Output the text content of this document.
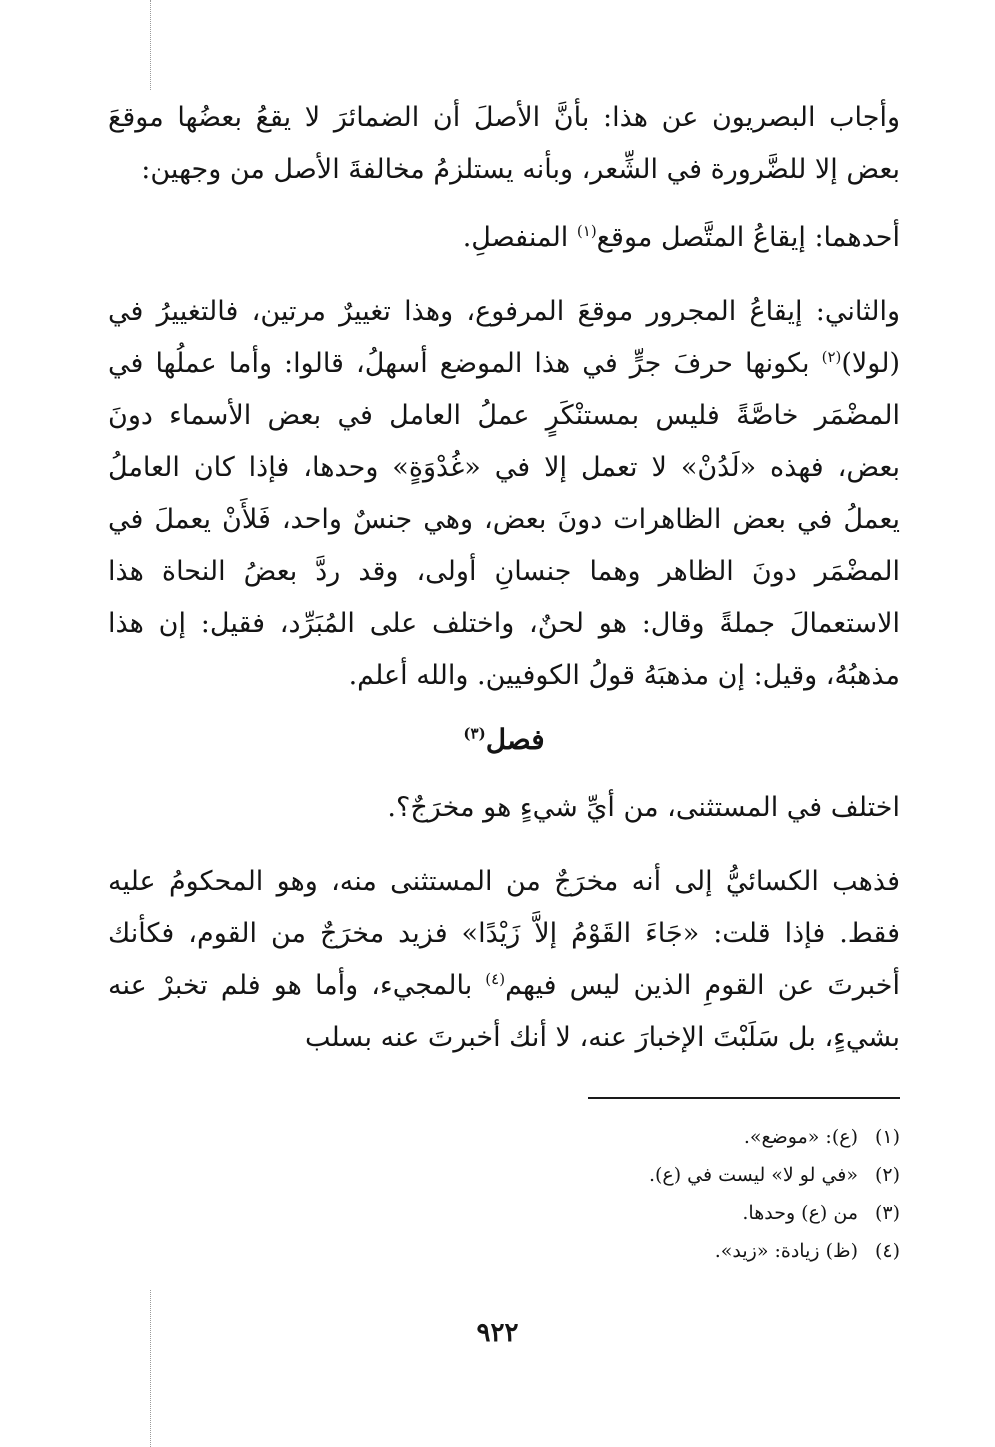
وأجاب البصريون عن هذا: بأنَّ الأصلَ أن الضمائرَ لا يقعُ بعضُها موقعَ بعض إلا للضَّرورة في الشِّعر، وبأنه يستلزمُ مخالفةَ الأصل من وجهين:

أحدهما: إيقاعُ المتَّصل موقع$^{(١)}$ المنفصلِ.

والثاني: إيقاعُ المجرور موقعَ المرفوع، وهذا تغييرٌ مرتين، فالتغييرُ في (لولا)$^{(٢)}$ بكونها حرفَ جرٍّ في هذا الموضع أسهلُ، قالوا: وأما عملُها في المضْمَر خاصَّةً فليس بمستنْكَرٍ عملُ العامل في بعض الأسماء دونَ بعض، فهذه «لَدُنْ» لا تعمل إلا في «غُدْوَةٍ» وحدها، فإذا كان العاملُ يعملُ في بعض الظاهرات دونَ بعض، وهي جنسٌ واحد، فَلأَنْ يعملَ في المضْمَر دونَ الظاهر وهما جنسانِ أولى، وقد ردَّ بعضُ النحاة هذا الاستعمالَ جملةً وقال: هو لحنٌ، واختلف على المُبَرِّد، فقيل: إن هذا مذهبُهُ، وقيل: إن مذهبَهُ قولُ الكوفيين. والله أعلم.

فصل$^{(٣)}$

اختلف في المستثنى، من أيِّ شيءٍ هو مخرَجٌ؟.

فذهب الكسائيُّ إلى أنه مخرَجٌ من المستثنى منه، وهو المحكومُ عليه فقط. فإذا قلت: «جَاءَ القَوْمُ إلاَّ زَيْدًا» فزيد مخرَجٌ من القوم، فكأنك أخبرتَ عن القومِ الذين ليس فيهم$^{(٤)}$ بالمجيء، وأما هو فلم تخبرْ عنه بشيءٍ، بل سَلَبْتَ الإخبارَ عنه، لا أنك أخبرتَ عنه بسلب

(١)
(ع): «موضع».
(٢)
«في لو لا» ليست في (ع).
(٣)
من (ع) وحدها.
(٤)
(ظ) زيادة: «زيد».
٩٢٢
